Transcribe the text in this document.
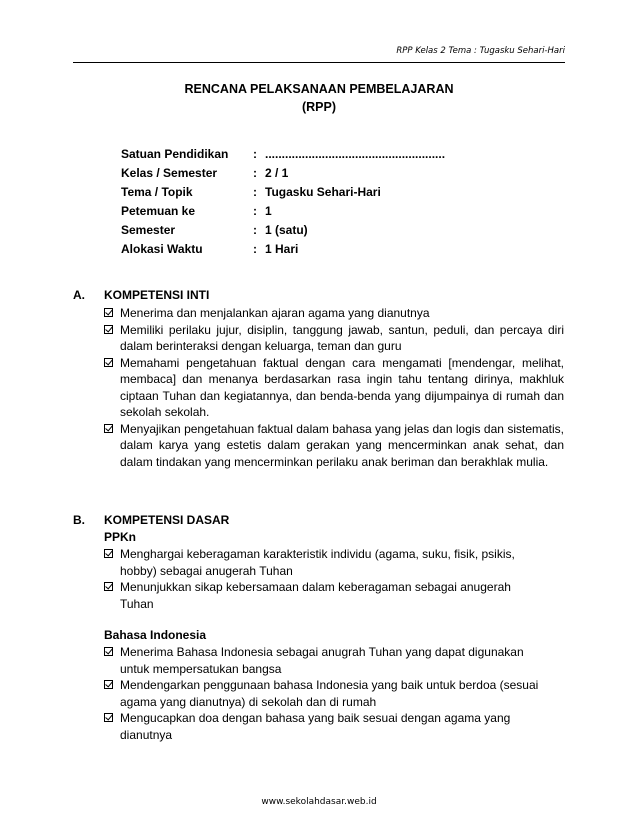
RPP Kelas 2 Tema : Tugasku Sehari-Hari
RENCANA PELAKSANAAN PEMBELAJARAN
(RPP)
Satuan Pendidikan : ......................................................
Kelas / Semester	: 2 / 1
Tema / Topik	: Tugasku Sehari-Hari
Petemuan ke	: 1
Semester	: 1 (satu)
Alokasi Waktu	: 1 Hari
A. KOMPETENSI INTI
Menerima dan menjalankan ajaran agama yang dianutnya
Memiliki perilaku jujur, disiplin, tanggung jawab, santun, peduli, dan percaya diri dalam berinteraksi dengan keluarga, teman dan guru
Memahami pengetahuan faktual dengan cara mengamati [mendengar, melihat, membaca] dan menanya berdasarkan rasa ingin tahu tentang dirinya, makhluk ciptaan Tuhan dan kegiatannya, dan benda-benda yang dijumpainya di rumah dan sekolah sekolah.
Menyajikan pengetahuan faktual dalam bahasa yang jelas dan logis dan sistematis, dalam karya yang estetis dalam gerakan yang mencerminkan anak sehat, dan dalam tindakan yang mencerminkan perilaku anak beriman dan berakhlak mulia.
B. KOMPETENSI DASAR
PPKn
Menghargai keberagaman karakteristik individu (agama, suku, fisik, psikis, hobby) sebagai anugerah Tuhan
Menunjukkan sikap kebersamaan dalam keberagaman sebagai anugerah Tuhan
Bahasa Indonesia
Menerima Bahasa Indonesia sebagai anugrah Tuhan yang dapat digunakan untuk mempersatukan bangsa
Mendengarkan penggunaan bahasa Indonesia yang baik untuk berdoa (sesuai agama yang dianutnya) di sekolah dan di rumah
Mengucapkan doa dengan bahasa yang baik sesuai dengan agama yang dianutnya
www.sekolahdasar.web.id
